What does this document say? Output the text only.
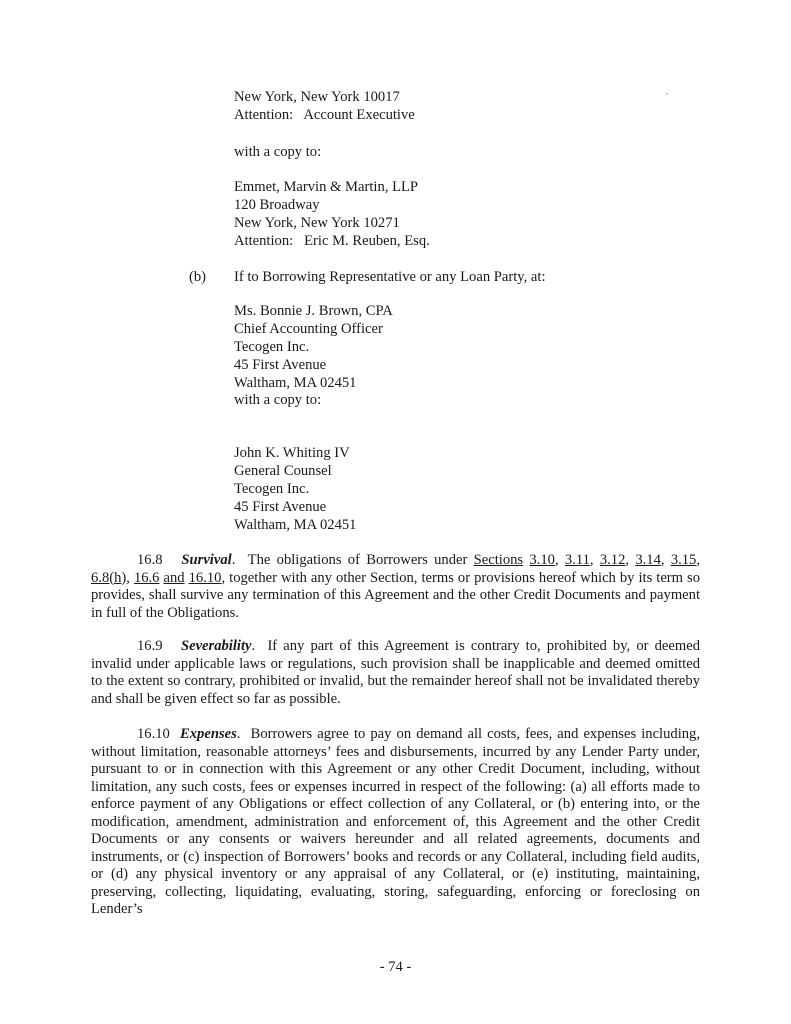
New York, New York 10017
Attention:   Account Executive
with a copy to:
Emmet, Marvin & Martin, LLP
120 Broadway
New York, New York 10271
Attention:   Eric M. Reuben, Esq.
(b) If to Borrowing Representative or any Loan Party, at:
Ms. Bonnie J. Brown, CPA
Chief Accounting Officer
Tecogen Inc.
45 First Avenue
Waltham, MA 02451
with a copy to:
John K. Whiting IV
General Counsel
Tecogen Inc.
45 First Avenue
Waltham, MA 02451
16.8 Survival.  The obligations of Borrowers under Sections 3.10, 3.11, 3.12, 3.14, 3.15, 6.8(h), 16.6 and 16.10, together with any other Section, terms or provisions hereof which by its term so provides, shall survive any termination of this Agreement and the other Credit Documents and payment in full of the Obligations.
16.9 Severability.  If any part of this Agreement is contrary to, prohibited by, or deemed invalid under applicable laws or regulations, such provision shall be inapplicable and deemed omitted to the extent so contrary, prohibited or invalid, but the remainder hereof shall not be invalidated thereby and shall be given effect so far as possible.
16.10 Expenses.  Borrowers agree to pay on demand all costs, fees, and expenses including, without limitation, reasonable attorneys’ fees and disbursements, incurred by any Lender Party under, pursuant to or in connection with this Agreement or any other Credit Document, including, without limitation, any such costs, fees or expenses incurred in respect of the following: (a) all efforts made to enforce payment of any Obligations or effect collection of any Collateral, or (b) entering into, or the modification, amendment, administration and enforcement of, this Agreement and the other Credit Documents or any consents or waivers hereunder and all related agreements, documents and instruments, or (c) inspection of Borrowers’ books and records or any Collateral, including field audits, or (d) any physical inventory or any appraisal of any Collateral, or (e) instituting, maintaining, preserving, collecting, liquidating, evaluating, storing, safeguarding, enforcing or foreclosing on Lender’s
- 74 -
